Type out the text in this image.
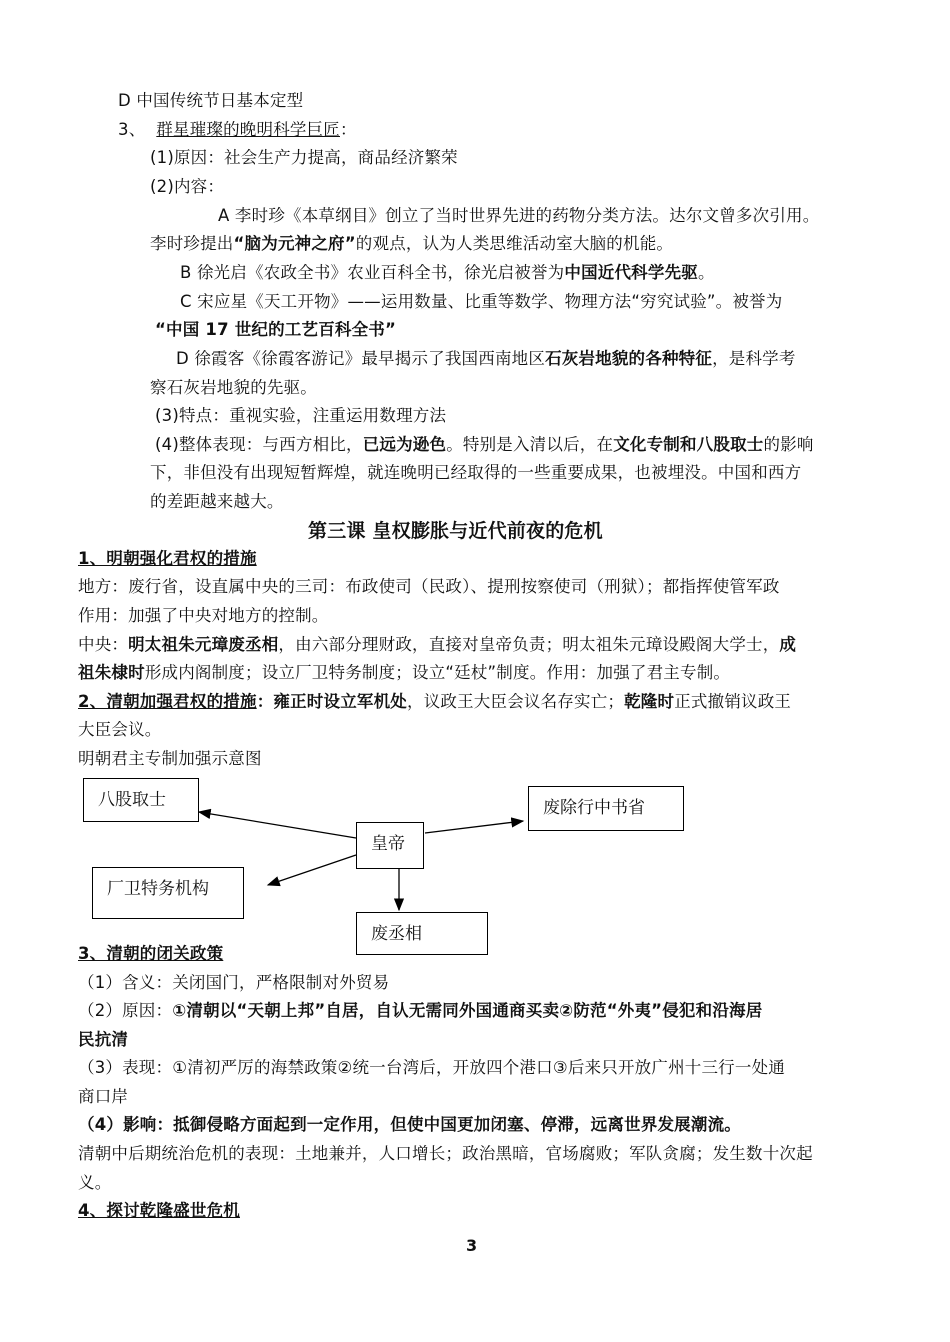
D 中国传统节日基本定型
3、 群星璀璨的晚明科学巨匠：
(1)原因：社会生产力提高，商品经济繁荣
(2)内容：
A 李时珍《本草纲目》创立了当时世界先进的药物分类方法。达尔文曾多次引用。
李时珍提出“脑为元神之府”的观点，认为人类思维活动室大脑的机能。
B 徐光启《农政全书》农业百科全书，徐光启被誉为中国近代科学先驱。
C 宋应星《天工开物》——运用数量、比重等数学、物理方法“穷究试验”。被誉为
“中国 17 世纪的工艺百科全书”
D 徐霞客《徐霞客游记》最早揭示了我国西南地区石灰岩地貌的各种特征，是科学考
察石灰岩地貌的先驱。
(3)特点：重视实验，注重运用数理方法
(4)整体表现：与西方相比，已远为逊色。特别是入清以后，在文化专制和八股取士的影响
下，非但没有出现短暂辉煌，就连晚明已经取得的一些重要成果，也被埋没。中国和西方
的差距越来越大。
第三课 皇权膨胀与近代前夜的危机
1、明朝强化君权的措施
地方：废行省，设直属中央的三司：布政使司（民政）、提刑按察使司（刑狱）；都指挥使管军政
作用：加强了中央对地方的控制。
中央：明太祖朱元璋废丞相，由六部分理财政，直接对皇帝负责；明太祖朱元璋设殿阁大学士，成
祖朱棣时形成内阁制度；设立厂卫特务制度；设立“廷杖”制度。作用：加强了君主专制。
2、清朝加强君权的措施：雍正时设立军机处，议政王大臣会议名存实亡；乾隆时正式撤销议政王
大臣会议。
明朝君主专制加强示意图
八股取士	废除行中书省
皇帝
厂卫特务机构
废丞相
3、清朝的闭关政策
（1）含义：关闭国门，严格限制对外贸易
（2）原因：①清朝以“天朝上邦”自居，自认无需同外国通商买卖②防范“外夷”侵犯和沿海居
民抗清
（3）表现：①清初严厉的海禁政策②统一台湾后，开放四个港口③后来只开放广州十三行一处通
商口岸
（4）影响：抵御侵略方面起到一定作用，但使中国更加闭塞、停滞，远离世界发展潮流。
清朝中后期统治危机的表现：土地兼并，人口增长；政治黑暗，官场腐败；军队贪腐；发生数十次起
义。
4、探讨乾隆盛世危机
3
